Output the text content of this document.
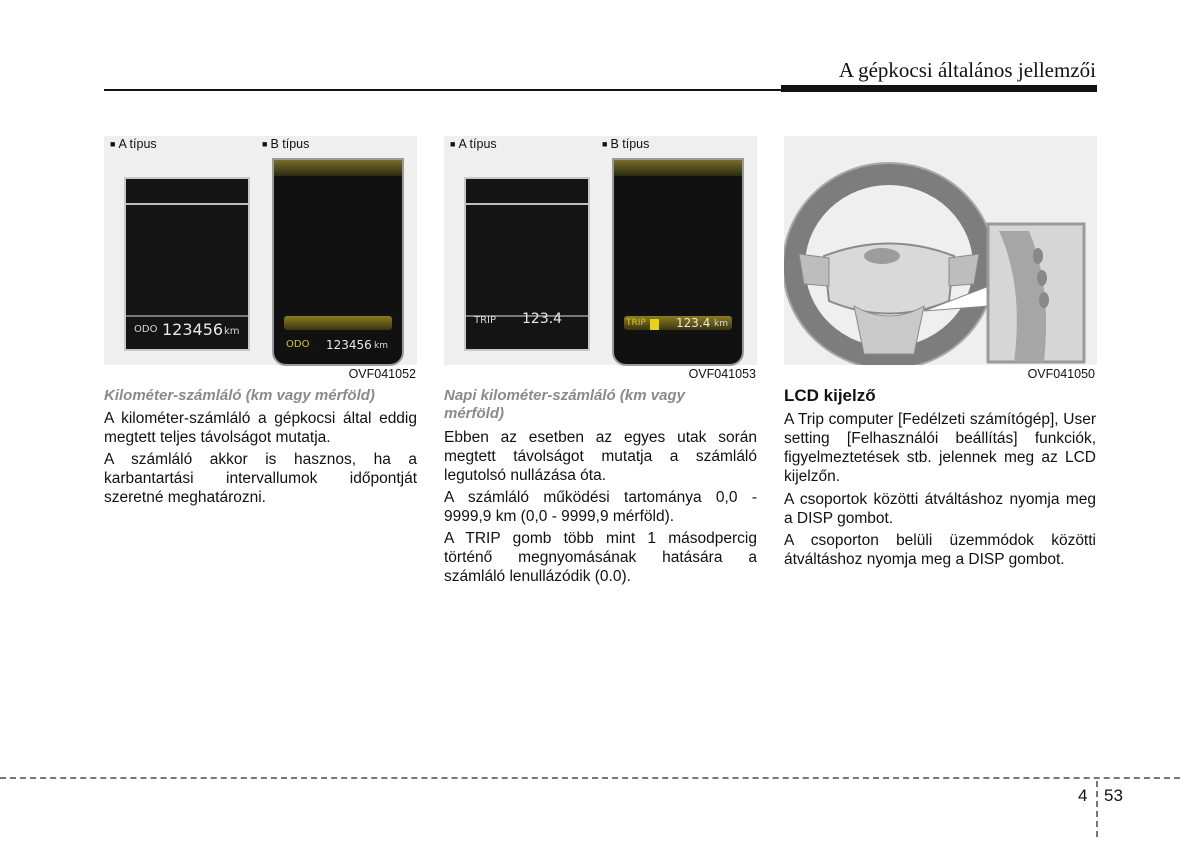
A gépkocsi általános jellemzői
■ A típus	■ B típus
ODO 123456 km
ODO 123456 km
OVF041052
Kilométer-számláló (km vagy mérföld)
A kilométer-számláló a gépkocsi által eddig megtett teljes távolságot mutatja.
A számláló akkor is hasznos, ha a karbantartási intervallumok időpontját szeretné meghatározni.
■ A típus	■ B típus
TRIP 123.4	TRIP	123.4 km
OVF041053
Napi kilométer-számláló (km vagy mérföld)
Ebben az esetben az egyes utak során megtett távolságot mutatja a számláló legutolsó nullázása óta.
A számláló működési tartománya 0,0 - 9999,9 km (0,0 - 9999,9 mérföld).
A TRIP gomb több mint 1 másodpercig történő megnyomásának hatására a számláló lenullázódik (0.0).
OVF041050
LCD kijelző
A Trip computer [Fedélzeti számítógép], User setting [Felhasználói beállítás] funkciók, figyelmeztetések stb. jelennek meg az LCD kijelzőn.
A csoportok közötti átváltáshoz nyomja meg a DISP gombot.
A csoporton belüli üzemmódok közötti átváltáshoz nyomja meg a DISP gombot.
4 53
